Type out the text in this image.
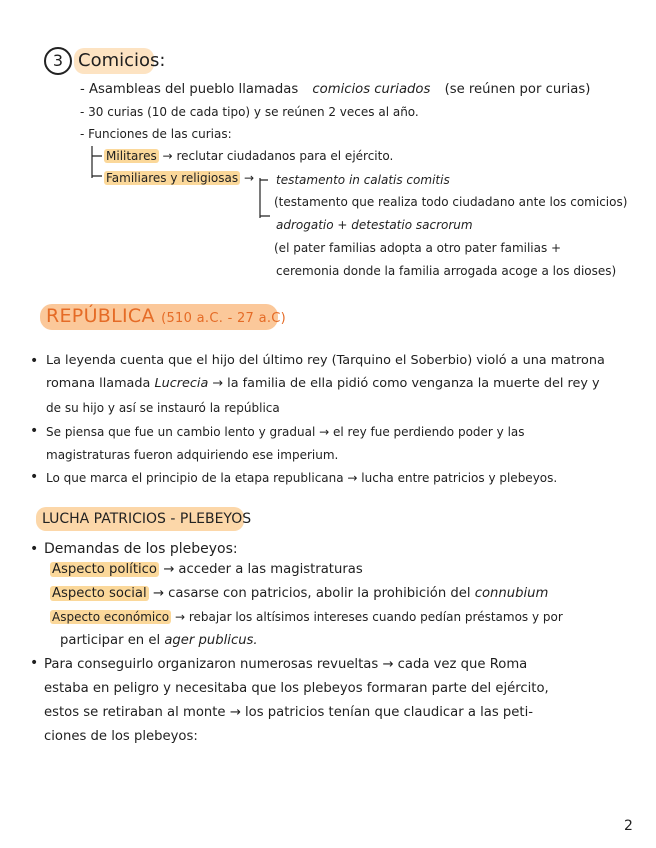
3 Comicios:
- Asambleas del pueblo llamadas comicios curiados (se reúnen por curias)
- 30 curias (10 de cada tipo) y se reúnen 2 veces al año.
- Funciones de las curias:
Militares → reclutar ciudadanos para el ejército.
Familiares y religiosas → testamento in calatis comitis
(testamento que realiza todo ciudadano ante los comicios)
adrogatio + detestatio sacrorum
(el pater familias adopta a otro pater familias +
ceremonia donde la familia arrogada acoge a los dioses)
REPÚBLICA (510 a.C. - 27 a.C)
• La leyenda cuenta que el hijo del último rey (Tarquino el Soberbio) violó a una matrona
romana llamada Lucrecia → la familia de ella pidió como venganza la muerte del rey y
de su hijo y así se instauró la república
• Se piensa que fue un cambio lento y gradual → el rey fue perdiendo poder y las
magistraturas fueron adquiriendo ese imperium.
• Lo que marca el principio de la etapa republicana → lucha entre patricios y plebeyos.
LUCHA PATRICIOS - PLEBEYOS
• Demandas de los plebeyos:
Aspecto político → acceder a las magistraturas
Aspecto social → casarse con patricios, abolir la prohibición del connubium
Aspecto económico → rebajar los altísimos intereses cuando pedían préstamos y por
participar en el ager publicus.
• Para conseguirlo organizaron numerosas revueltas → cada vez que Roma
estaba en peligro y necesitaba que los plebeyos formaran parte del ejército,
estos se retiraban al monte → los patricios tenían que claudicar a las peti-
ciones de los plebeyos:
2
